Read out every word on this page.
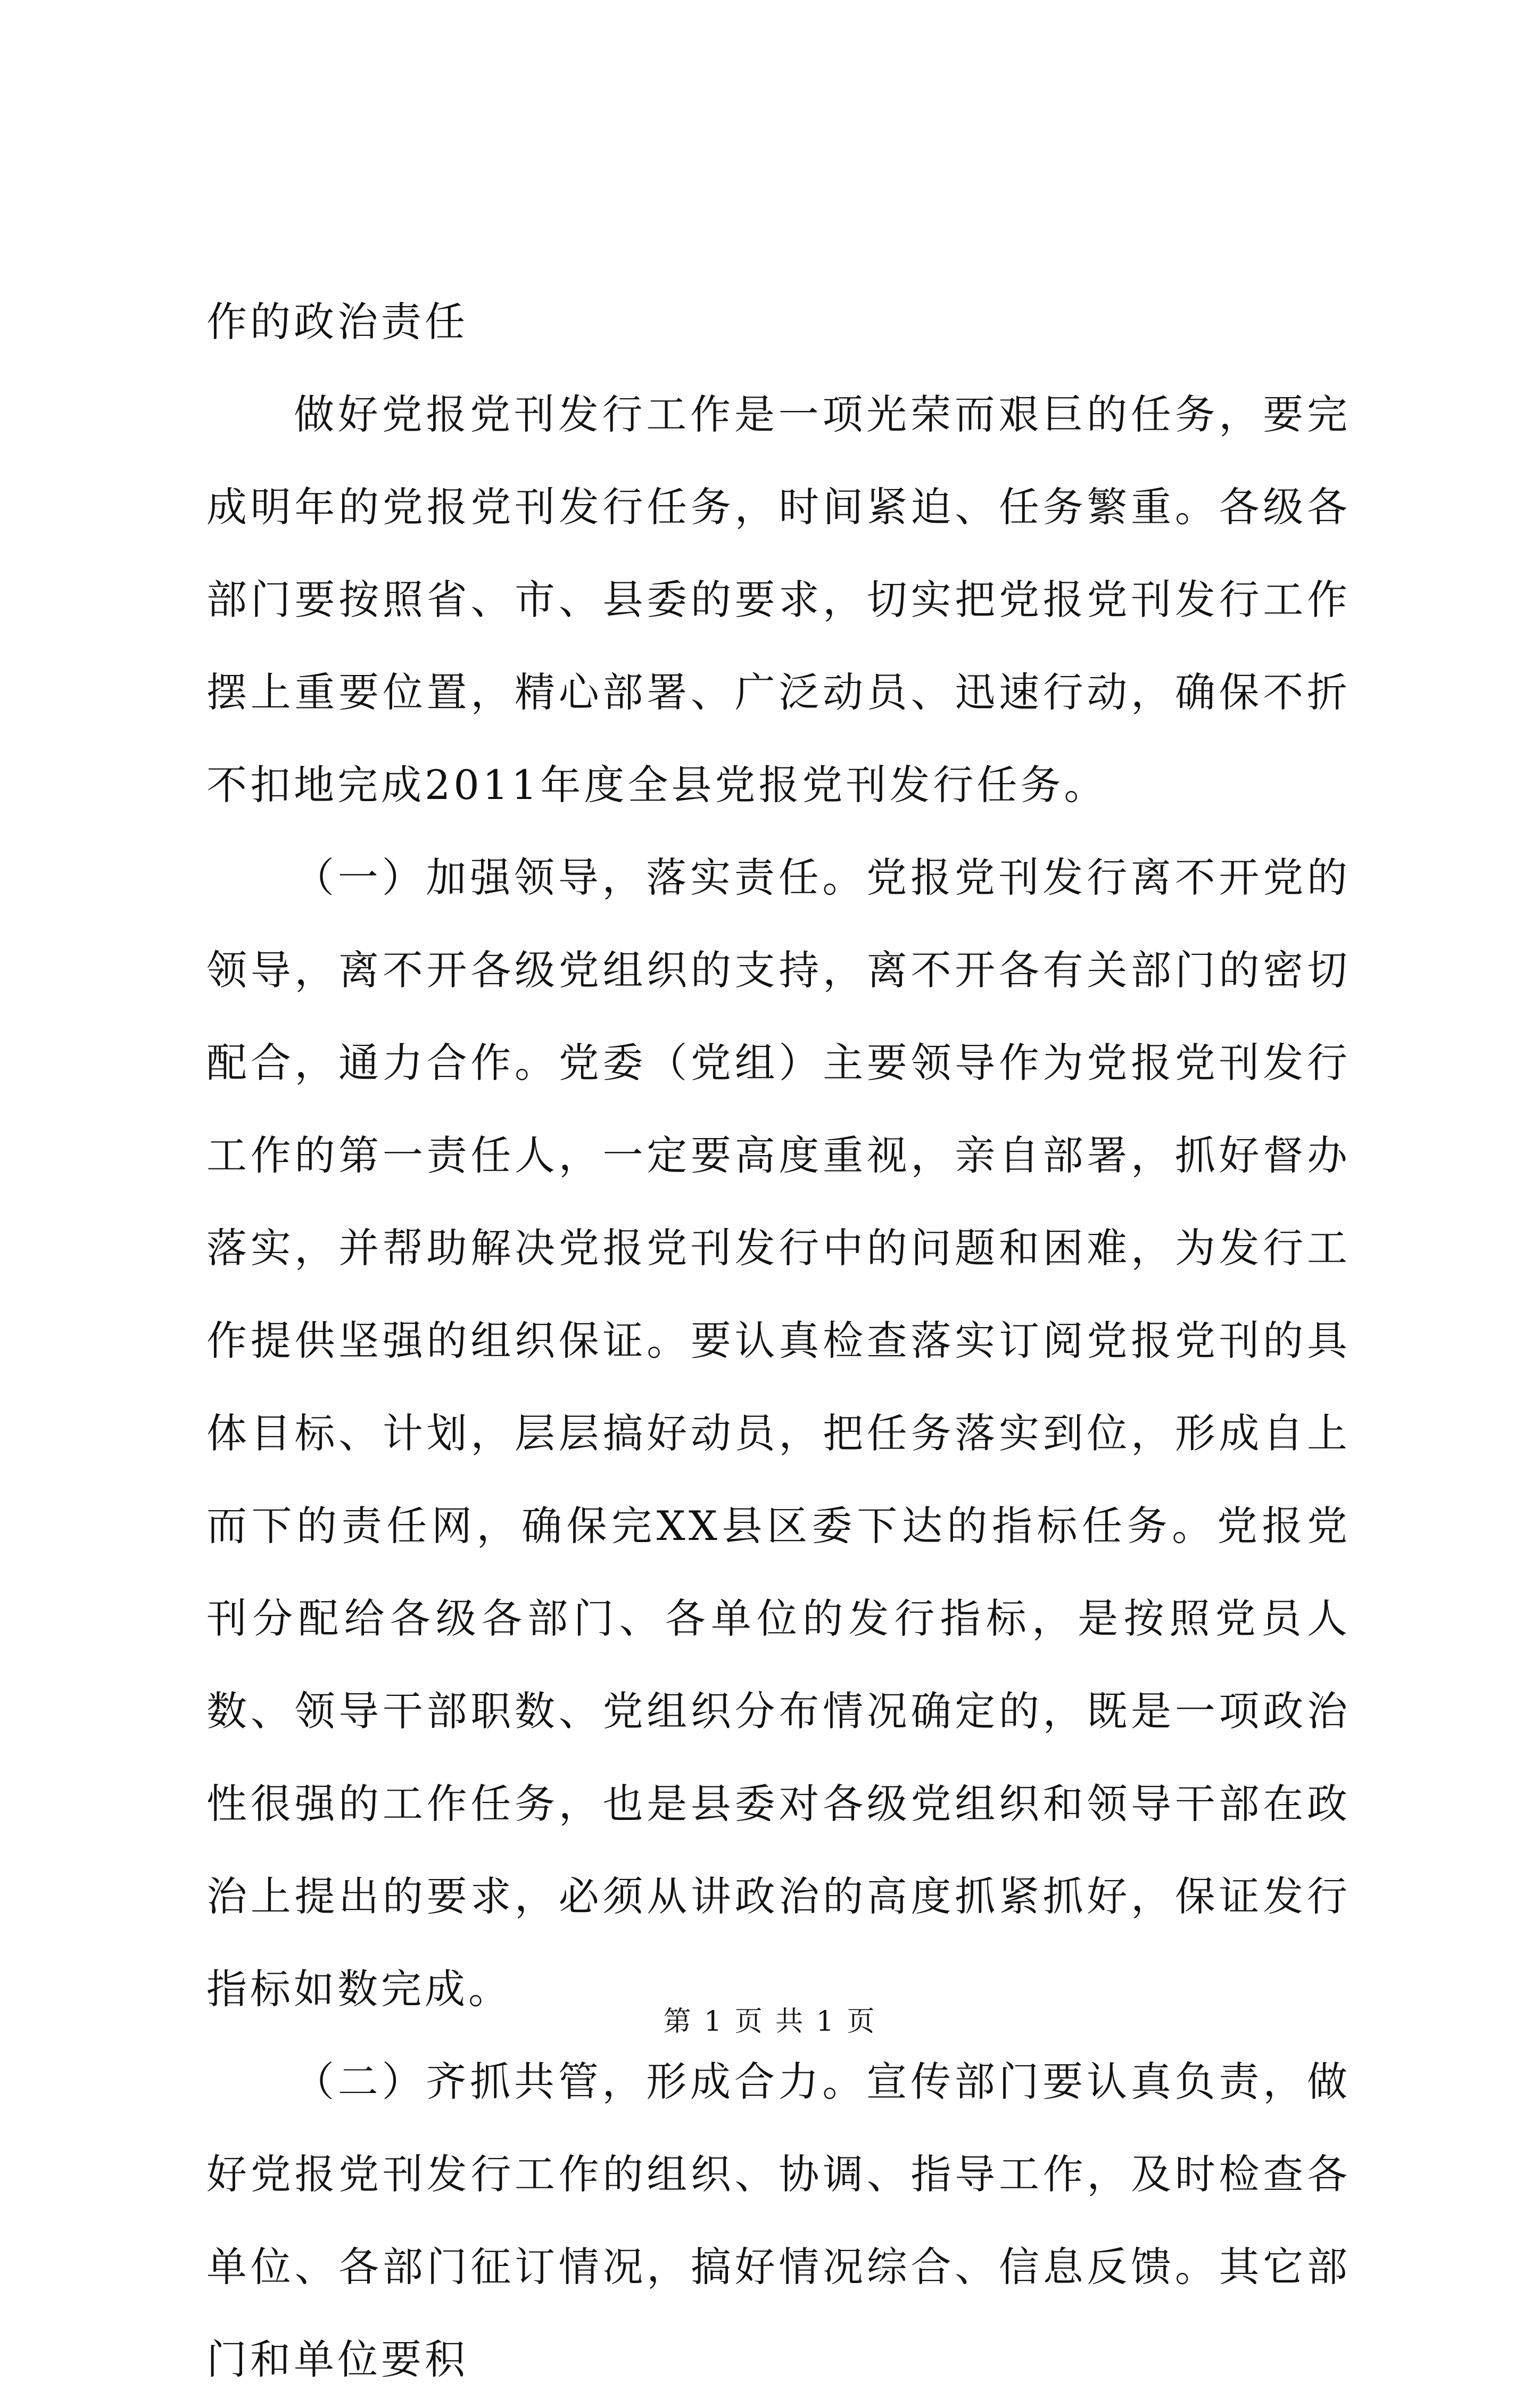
作的政治责任

做好党报党刊发行工作是一项光荣而艰巨的任务，要完成明年的党报党刊发行任务，时间紧迫、任务繁重。各级各部门要按照省、市、县委的要求，切实把党报党刊发行工作摆上重要位置，精心部署、广泛动员、迅速行动，确保不折不扣地完成2011年度全县党报党刊发行任务。

（一）加强领导，落实责任。党报党刊发行离不开党的领导，离不开各级党组织的支持，离不开各有关部门的密切配合，通力合作。党委（党组）主要领导作为党报党刊发行工作的第一责任人，一定要高度重视，亲自部署，抓好督办落实，并帮助解决党报党刊发行中的问题和困难，为发行工作提供坚强的组织保证。要认真检查落实订阅党报党刊的具体目标、计划，层层搞好动员，把任务落实到位，形成自上而下的责任网，确保完XX县区委下达的指标任务。党报党刊分配给各级各部门、各单位的发行指标，是按照党员人数、领导干部职数、党组织分布情况确定的，既是一项政治性很强的工作任务，也是县委对各级党组织和领导干部在政治上提出的要求，必须从讲政治的高度抓紧抓好，保证发行指标如数完成。

（二）齐抓共管，形成合力。宣传部门要认真负责，做好党报党刊发行工作的组织、协调、指导工作，及时检查各单位、各部门征订情况，搞好情况综合、信息反馈。其它部门和单位要积

第 1 页 共 1 页
